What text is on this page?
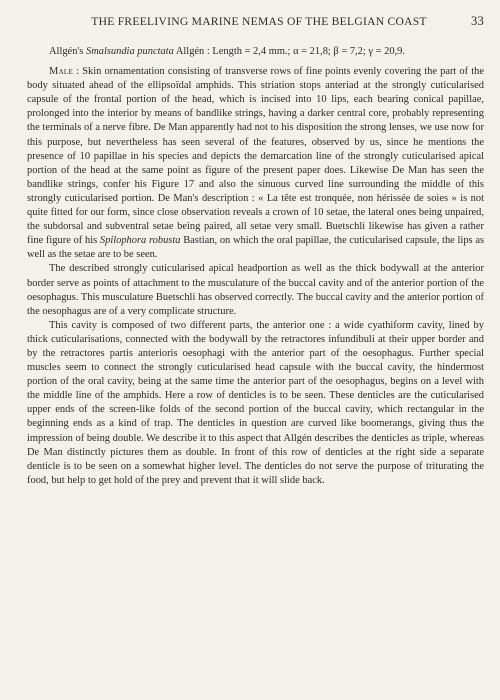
THE FREELIVING MARINE NEMAS OF THE BELGIAN COAST	33

Allgén's Smalsundia punctata Allgén : Length = 2,4 mm.; α = 21,8; β = 7,2; γ = 20,9.

Male : Skin ornamentation consisting of transverse rows of fine points evenly covering the part of the body situated ahead of the ellipsoïdal amphids. This striation stops anteriad at the strongly cuticularised capsule of the frontal portion of the head, which is incised into 10 lips, each bearing conical papillae, prolonged into the interior by means of bandlike strings, having a darker central core, probably representing the terminals of a nerve fibre. De Man apparently had not to his disposition the strong lenses, we use now for this purpose, but nevertheless has seen several of the features, observed by us, since he mentions the presence of 10 papillae in his species and depicts the demarcation line of the strongly cuticularised apical portion of the head at the same point as figure of the present paper does. Likewise De Man has seen the bandlike strings, confer his Figure 17 and also the sinuous curved line surrounding the middle of this strongly cuticularised portion. De Man's description : « La tête est tronquée, non hérissée de soies » is not quite fitted for our form, since close observation reveals a crown of 10 setae, the lateral ones being unpaired, the subdorsal and subventral setae being paired, all setae very small. Buetschli likewise has given a rather fine figure of his Spilophora robusta Bastian, on which the oral papillae, the cuticularised capsule, the lips as well as the setae are to be seen.

The described strongly cuticularised apical headportion as well as the thick bodywall at the anterior border serve as points of attachment to the musculature of the buccal cavity and of the anterior portion of the oesophagus. This musculature Buetschli has observed correctly. The buccal cavity and the anterior portion of the oesophagus are of a very complicate structure.

This cavity is composed of two different parts, the anterior one : a wide cyathiform cavity, lined by thick cuticularisations, connected with the bodywall by the retractores infundibuli at their upper border and by the retractores partis anterioris oesophagi with the anterior part of the oesophagus. Further special muscles seem to connect the strongly cuticularised head capsule with the buccal cavity, the hindermost portion of the oral cavity, being at the same time the anterior part of the oesophagus, begins on a level with the middle line of the amphids. Here a row of denticles is to be seen. These denticles are the cuticularised upper ends of the screen-like folds of the second portion of the buccal cavity, which rectangular in the beginning ends as a kind of trap. The denticles in question are curved like boomerangs, giving thus the impression of being double. We describe it to this aspect that Allgén describes the denticles as triple, whereas De Man distinctly pictures them as double. In front of this row of denticles at the right side a separate denticle is to be seen on a somewhat higher level. The denticles do not serve the purpose of triturating the food, but help to get hold of the prey and prevent that it will slide back.
